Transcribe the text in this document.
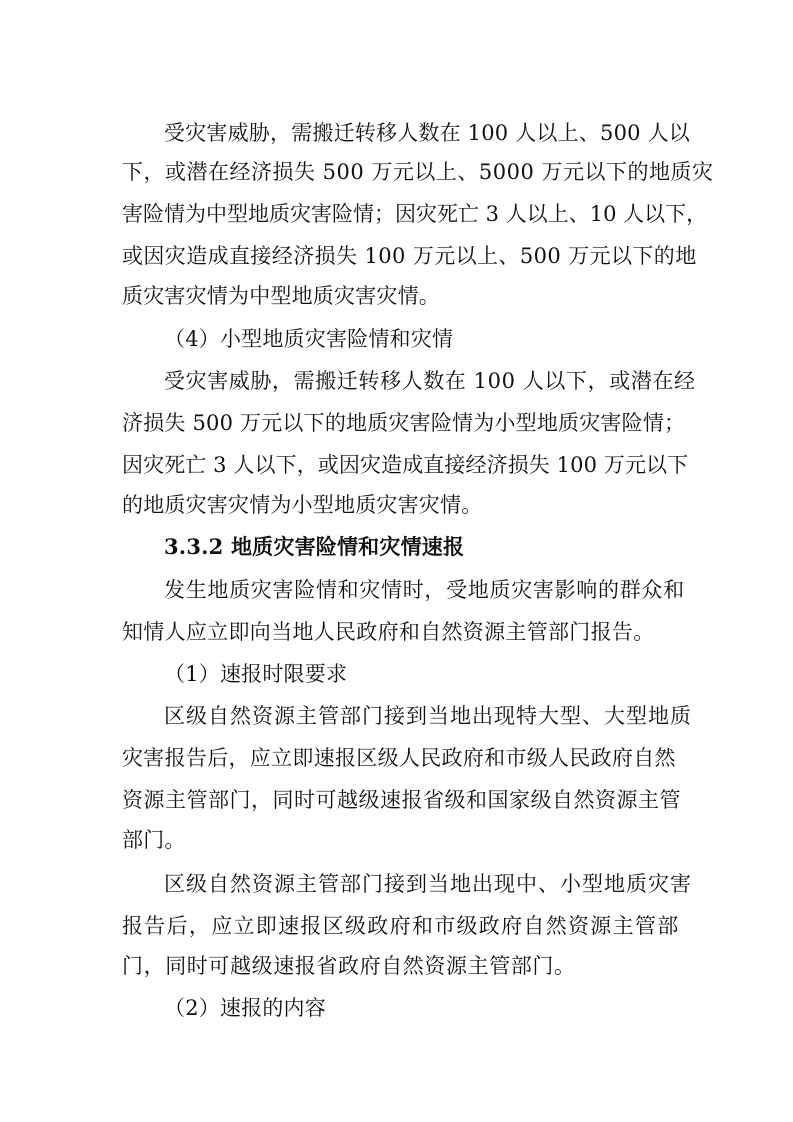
受灾害威胁，需搬迁转移人数在 100 人以上、500 人以

下，或潜在经济损失 500 万元以上、5000 万元以下的地质灾

害险情为中型地质灾害险情；因灾死亡 3 人以上、10 人以下，

或因灾造成直接经济损失 100 万元以上、500 万元以下的地

质灾害灾情为中型地质灾害灾情。

（4）小型地质灾害险情和灾情

受灾害威胁，需搬迁转移人数在 100 人以下，或潜在经

济损失 500 万元以下的地质灾害险情为小型地质灾害险情；

因灾死亡 3 人以下，或因灾造成直接经济损失 100 万元以下

的地质灾害灾情为小型地质灾害灾情。

3.3.2 地质灾害险情和灾情速报

发生地质灾害险情和灾情时，受地质灾害影响的群众和

知情人应立即向当地人民政府和自然资源主管部门报告。

（1）速报时限要求

区级自然资源主管部门接到当地出现特大型、大型地质

灾害报告后，应立即速报区级人民政府和市级人民政府自然

资源主管部门，同时可越级速报省级和国家级自然资源主管

部门。

区级自然资源主管部门接到当地出现中、小型地质灾害

报告后，应立即速报区级政府和市级政府自然资源主管部

门，同时可越级速报省政府自然资源主管部门。

（2）速报的内容
